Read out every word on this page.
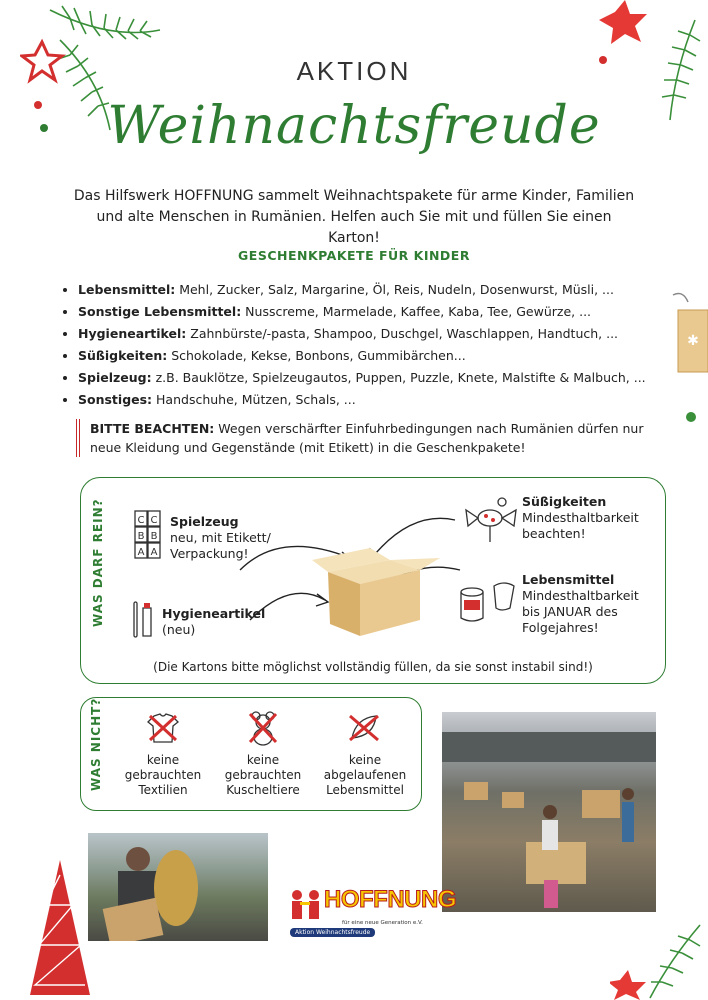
✱
AKTION
Weihnachtsfreude
Das Hilfswerk HOFFNUNG sammelt Weihnachtspakete für arme Kinder, Familien und alte Menschen in Rumänien. Helfen auch Sie mit und füllen Sie einen Karton!
GESCHENKPAKETE FÜR KINDER
• Lebensmittel: Mehl, Zucker, Salz, Margarine, Öl, Reis, Nudeln, Dosenwurst, Müsli, ...
• Sonstige Lebensmittel: Nusscreme, Marmelade, Kaffee, Kaba, Tee, Gewürze, ...
• Hygieneartikel: Zahnbürste/-pasta, Shampoo, Duschgel, Waschlappen, Handtuch, ...
• Süßigkeiten: Schokolade, Kekse, Bonbons, Gummibärchen...
• Spielzeug: z.B. Bauklötze, Spielzeugautos, Puppen, Puzzle, Knete, Malstifte & Malbuch, ...
• Sonstiges: Handschuhe, Mützen, Schals, ...
BITTE BEACHTEN: Wegen verschärfter Einfuhrbedingungen nach Rumänien dürfen nur neue Kleidung und Gegenstände (mit Etikett) in die Geschenkpakete!
WAS DARF REIN?	C C
B B
A A
Spielzeug
neu, mit Etikett/
Verpackung!
Hygieneartikel
(neu)
Süßigkeiten
Mindesthaltbarkeit
beachten!
Lebensmittel
Mindesthaltbarkeit
bis JANUAR des
Folgejahres!
(Die Kartons bitte möglichst vollständig füllen, da sie sonst instabil sind!)
WAS NICHT?	keine
gebrauchten
Textilien
keine
gebrauchten
Kuscheltiere
keine
abgelaufenen
Lebensmittel
HOFFNUNG
für eine neue Generation e.V.
Aktion Weihnachtsfreude
